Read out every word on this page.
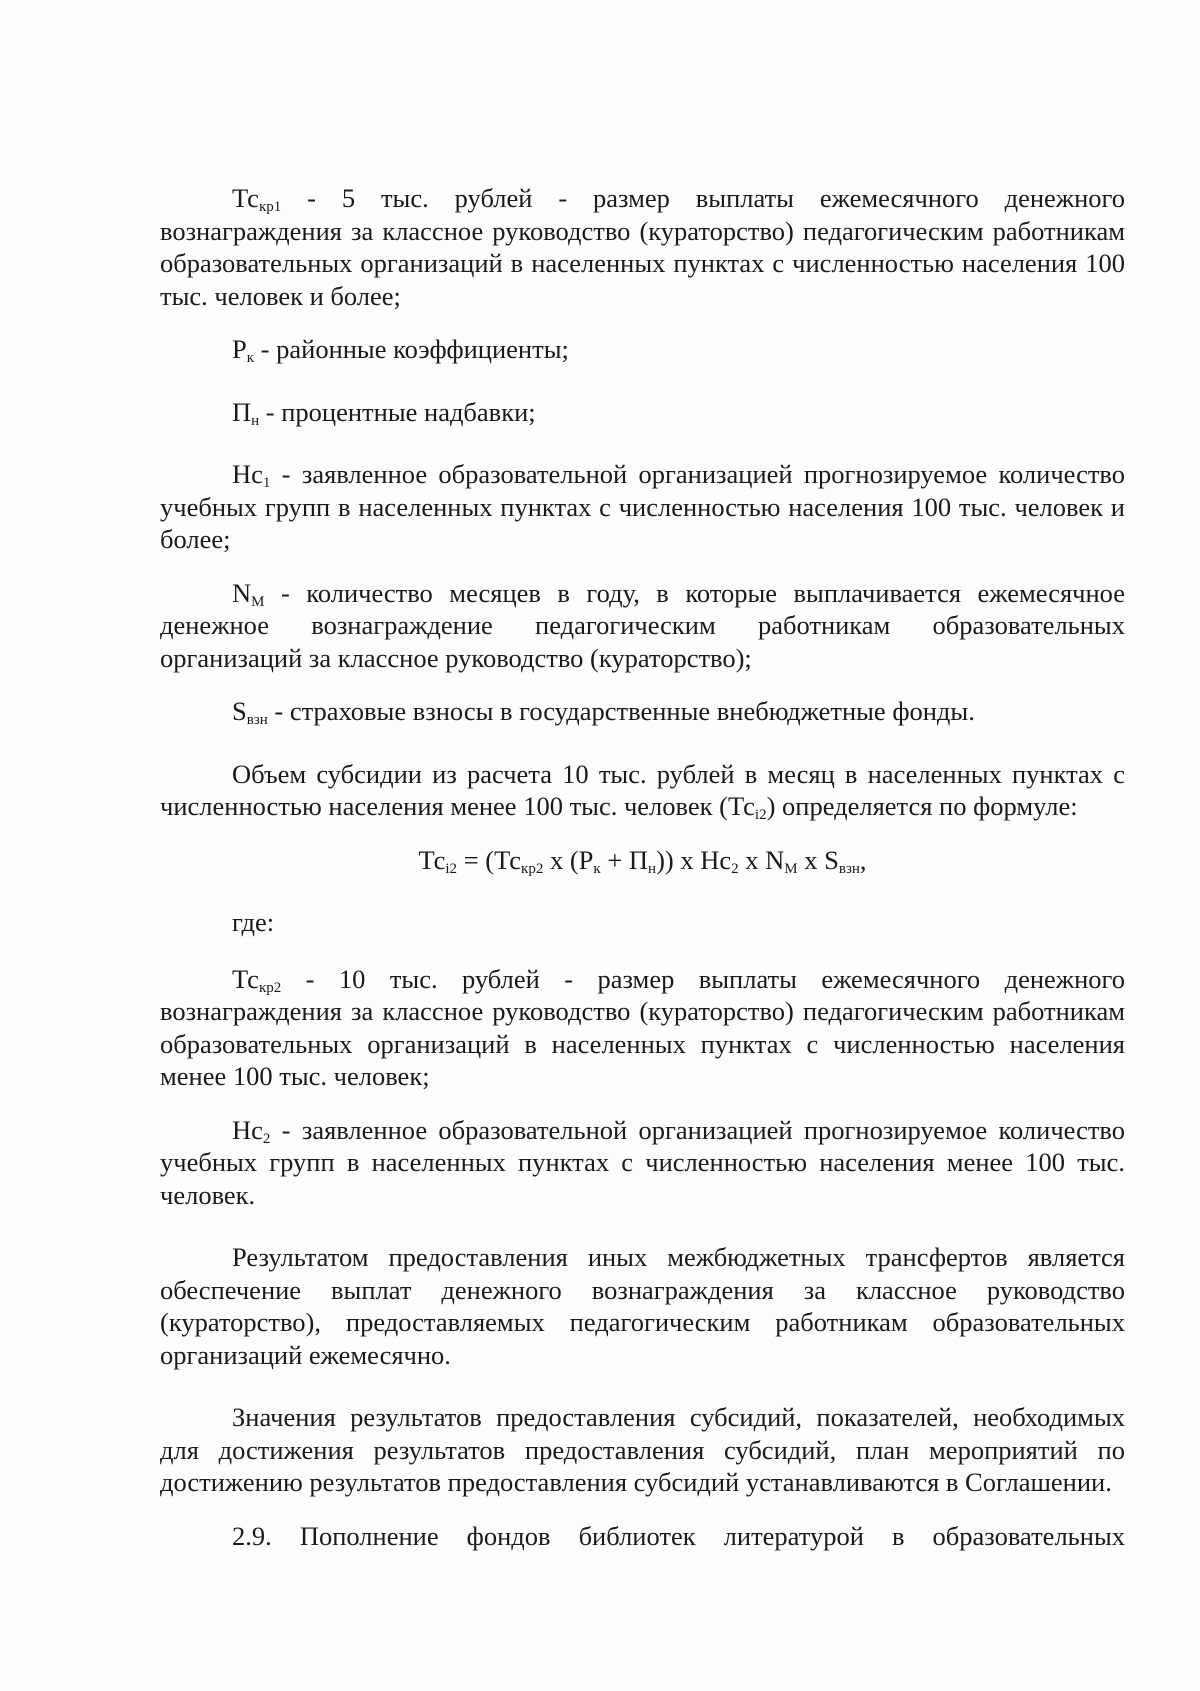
$Тс_{кр1} - 5$ тыс. рублей - размер выплаты ежемесячного денежного вознаграждения за классное руководство (кураторство) педагогическим работникам образовательных организаций в населенных пунктах с численностью населения 100 тыс. человек и более;

$Р_к$ - районные коэффициенты;

$П_н$ - процентные надбавки;

$Нс_1$ - заявленное образовательной организацией прогнозируемое количество учебных групп в населенных пунктах с численностью населения 100 тыс. человек и более;

$N_M$ - количество месяцев в году, в которые выплачивается ежемесячное денежное вознаграждение педагогическим работникам образовательных организаций за классное руководство (кураторство);

$S_{взн}$ - страховые взносы в государственные внебюджетные фонды.

Объем субсидии из расчета 10 тыс. рублей в месяц в населенных пунктах с численностью населения менее 100 тыс. человек $(Тс_{i2})$ определяется по формуле:

$Тс_{i2} = (Тс_{кр2}$ x $(Р_к + П_н)$) x $Нс_2$ x $N_M$ x $S_{взн}$,

где:

$Тс_{кр2} - 10$ тыс. рублей - размер выплаты ежемесячного денежного вознаграждения за классное руководство (кураторство) педагогическим работникам образовательных организаций в населенных пунктах с численностью населения менее 100 тыс. человек;

$Нс_2$ - заявленное образовательной организацией прогнозируемое количество учебных групп в населенных пунктах с численностью населения менее 100 тыс. человек.

Результатом предоставления иных межбюджетных трансфертов является обеспечение выплат денежного вознаграждения за классное руководство (кураторство), предоставляемых педагогическим работникам образовательных организаций ежемесячно.

Значения результатов предоставления субсидий, показателей, необходимых для достижения результатов предоставления субсидий, план мероприятий по достижению результатов предоставления субсидий устанавливаются в Соглашении.

2.9. Пополнение фондов библиотек литературой в образовательных
